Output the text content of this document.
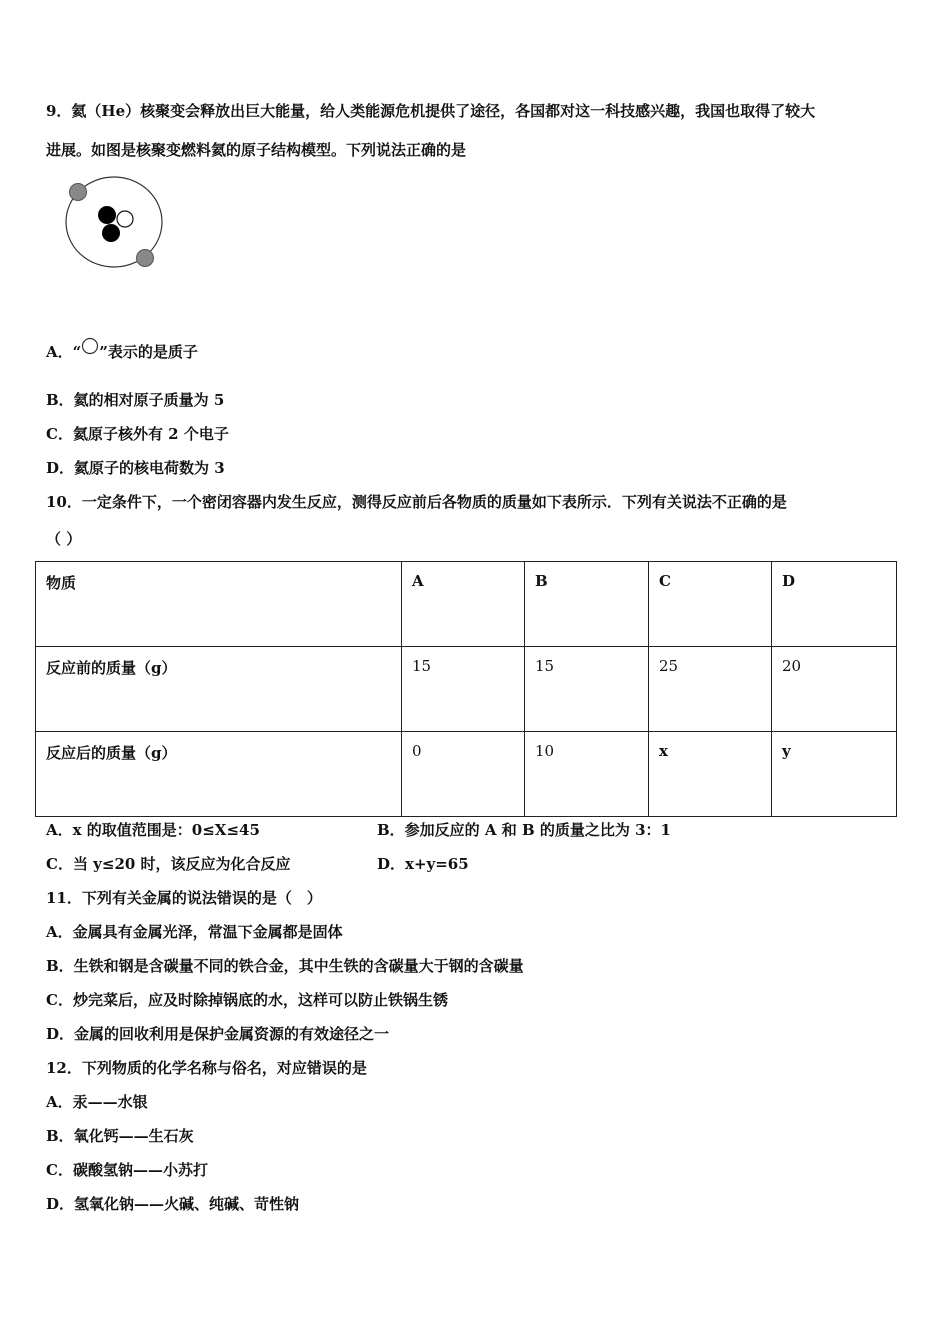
9．氦（He）核聚变会释放出巨大能量，给人类能源危机提供了途径，各国都对这一科技感兴趣，我国也取得了较大
进展。如图是核聚变燃料氦的原子结构模型。下列说法正确的是
A．“ ”表示的是质子
B．氦的相对原子质量为 5
C．氦原子核外有 2 个电子
D．氦原子的核电荷数为 3
10．一定条件下，一个密闭容器内发生反应，测得反应前后各物质的质量如下表所示．下列有关说法不正确的是
（ ）
物质	A	B	C	D
反应前的质量（g）	15	15	25	20
反应后的质量（g）	0	10	x	y
A．x 的取值范围是：0≤X≤45	B．参加反应的 A 和 B 的质量之比为 3：1
C．当 y≤20 时，该反应为化合反应	D．x+y=65
11．下列有关金属的说法错误的是（　）
A．金属具有金属光泽，常温下金属都是固体
B．生铁和钢是含碳量不同的铁合金，其中生铁的含碳量大于钢的含碳量
C．炒完菜后，应及时除掉锅底的水，这样可以防止铁锅生锈
D．金属的回收利用是保护金属资源的有效途径之一
12．下列物质的化学名称与俗名，对应错误的是
A．汞——水银
B．氧化钙——生石灰
C．碳酸氢钠——小苏打
D．氢氧化钠——火碱、纯碱、苛性钠
